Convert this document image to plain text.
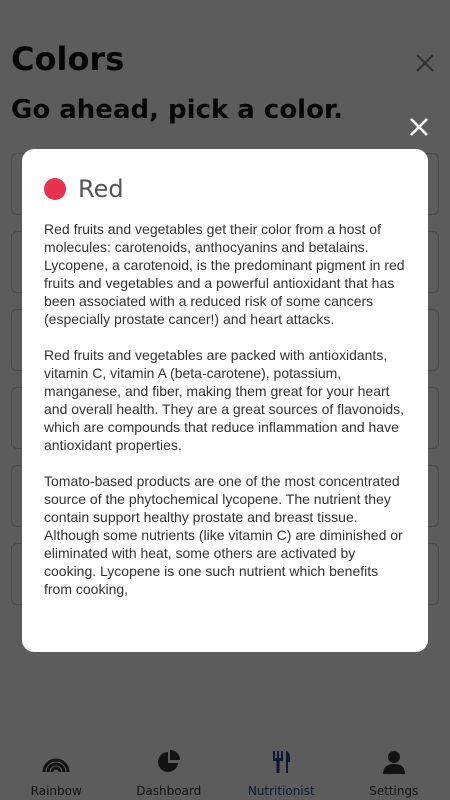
Red

Red fruits and vegetables get their color from a host of molecules: carotenoids, anthocyanins and betalains. Lycopene, a carotenoid, is the predominant pigment in red fruits and vegetables and a powerful antioxidant that has been associated with a reduced risk of some cancers (especially prostate cancer!) and heart attacks.

Red fruits and vegetables are packed with antioxidants, vitamin C, vitamin A (beta-carotene), potassium, manganese, and fiber, making them great for your heart and overall health. They are a great sources of flavonoids, which are compounds that reduce inflammation and have antioxidant properties.

Tomato-based products are one of the most concentrated source of the phytochemical lycopene. The nutrient they contain support healthy prostate and breast tissue. Although some nutrients (like vitamin C) are diminished or eliminated with heat, some others are activated by cooking. Lycopene is one such nutrient which benefits from cooking,
